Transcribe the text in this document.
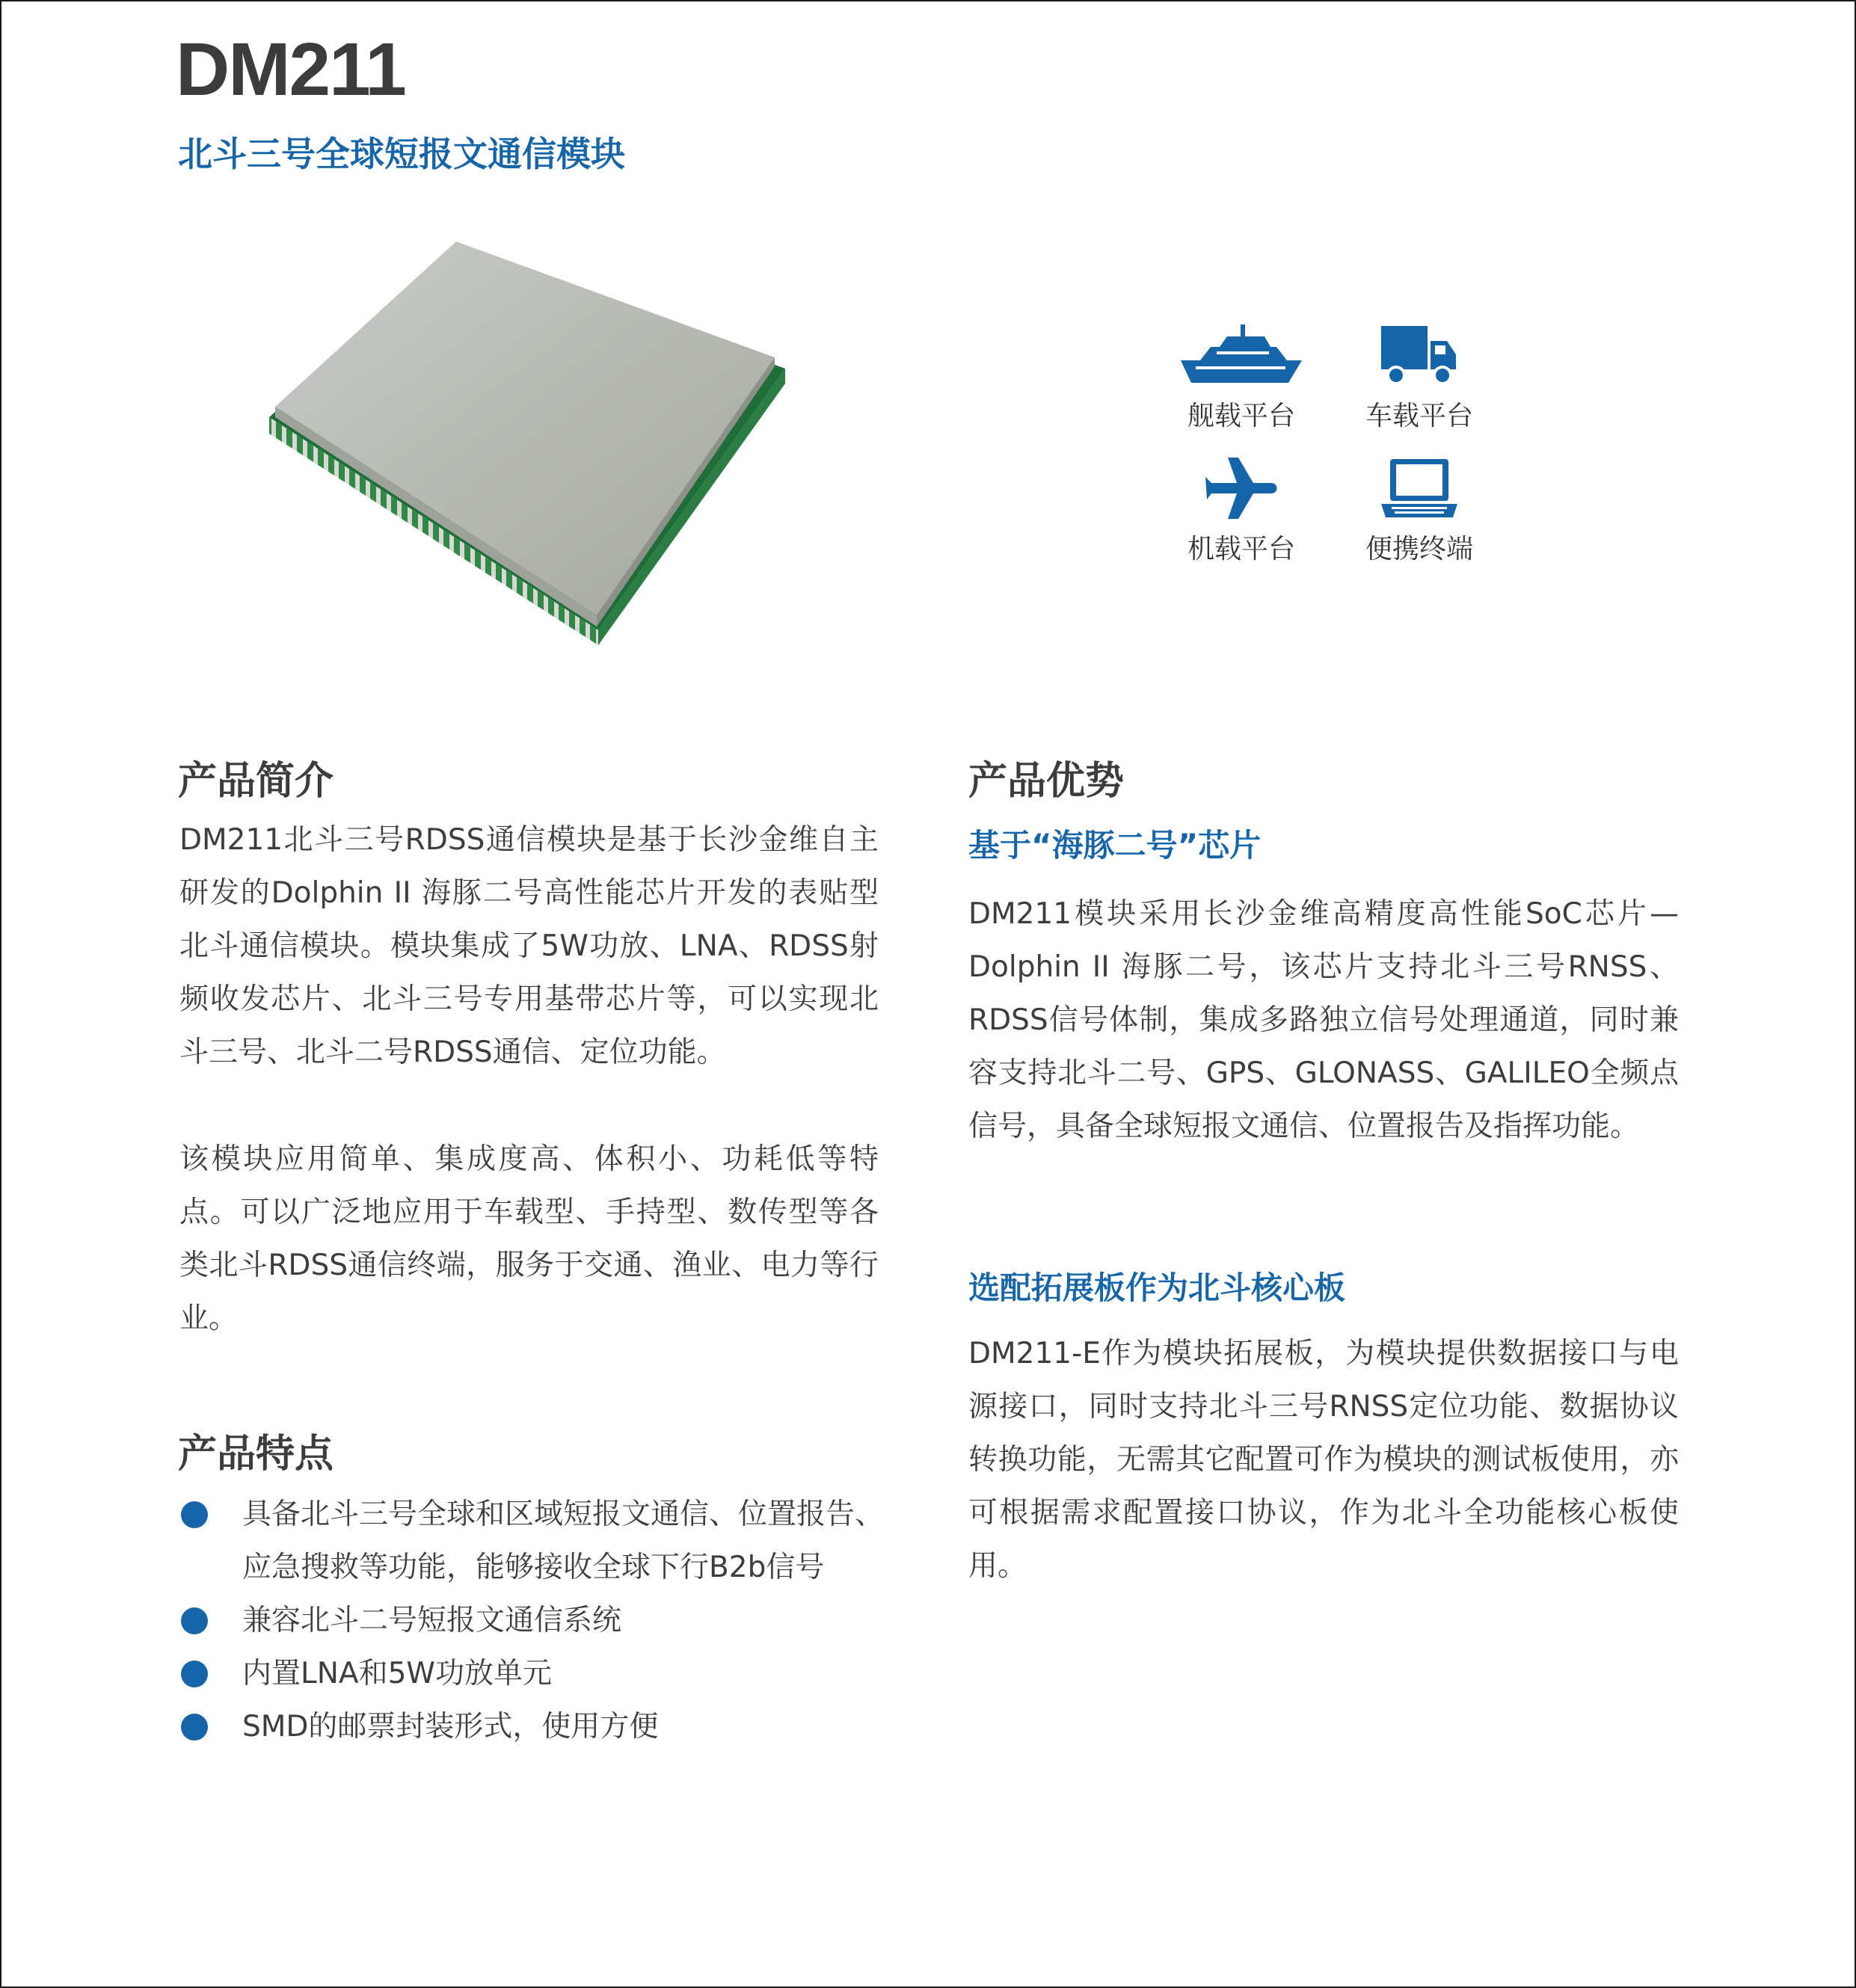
DM211
北斗三号全球短报文通信模块
舰载平台	车载平台
机载平台	便携终端
产品简介

DM211北斗三号RDSS通信模块是基于长沙金维自主研发的Dolphin II 海豚二号高性能芯片开发的表贴型北斗通信模块。模块集成了5W功放、LNA、RDSS射频收发芯片、北斗三号专用基带芯片等，可以实现北斗三号、北斗二号RDSS通信、定位功能。

该模块应用简单、集成度高、体积小、功耗低等特点。可以广泛地应用于车载型、手持型、数传型等各类北斗RDSS通信终端，服务于交通、渔业、电力等行业。

产品特点
具备北斗三号全球和区域短报文通信、位置报告、应急搜救等功能，能够接收全球下行B2b信号
兼容北斗二号短报文通信系统
内置LNA和5W功放单元
SMD的邮票封装形式，使用方便
产品优势
基于“海豚二号”芯片

DM211模块采用长沙金维高精度高性能SoC芯片—Dolphin II 海豚二号，该芯片支持北斗三号RNSS、RDSS信号体制，集成多路独立信号处理通道，同时兼容支持北斗二号、GPS、GLONASS、GALILEO全频点信号，具备全球短报文通信、位置报告及指挥功能。

选配拓展板作为北斗核心板

DM211-E作为模块拓展板，为模块提供数据接口与电源接口，同时支持北斗三号RNSS定位功能、数据协议转换功能，无需其它配置可作为模块的测试板使用，亦可根据需求配置接口协议，作为北斗全功能核心板使用。
